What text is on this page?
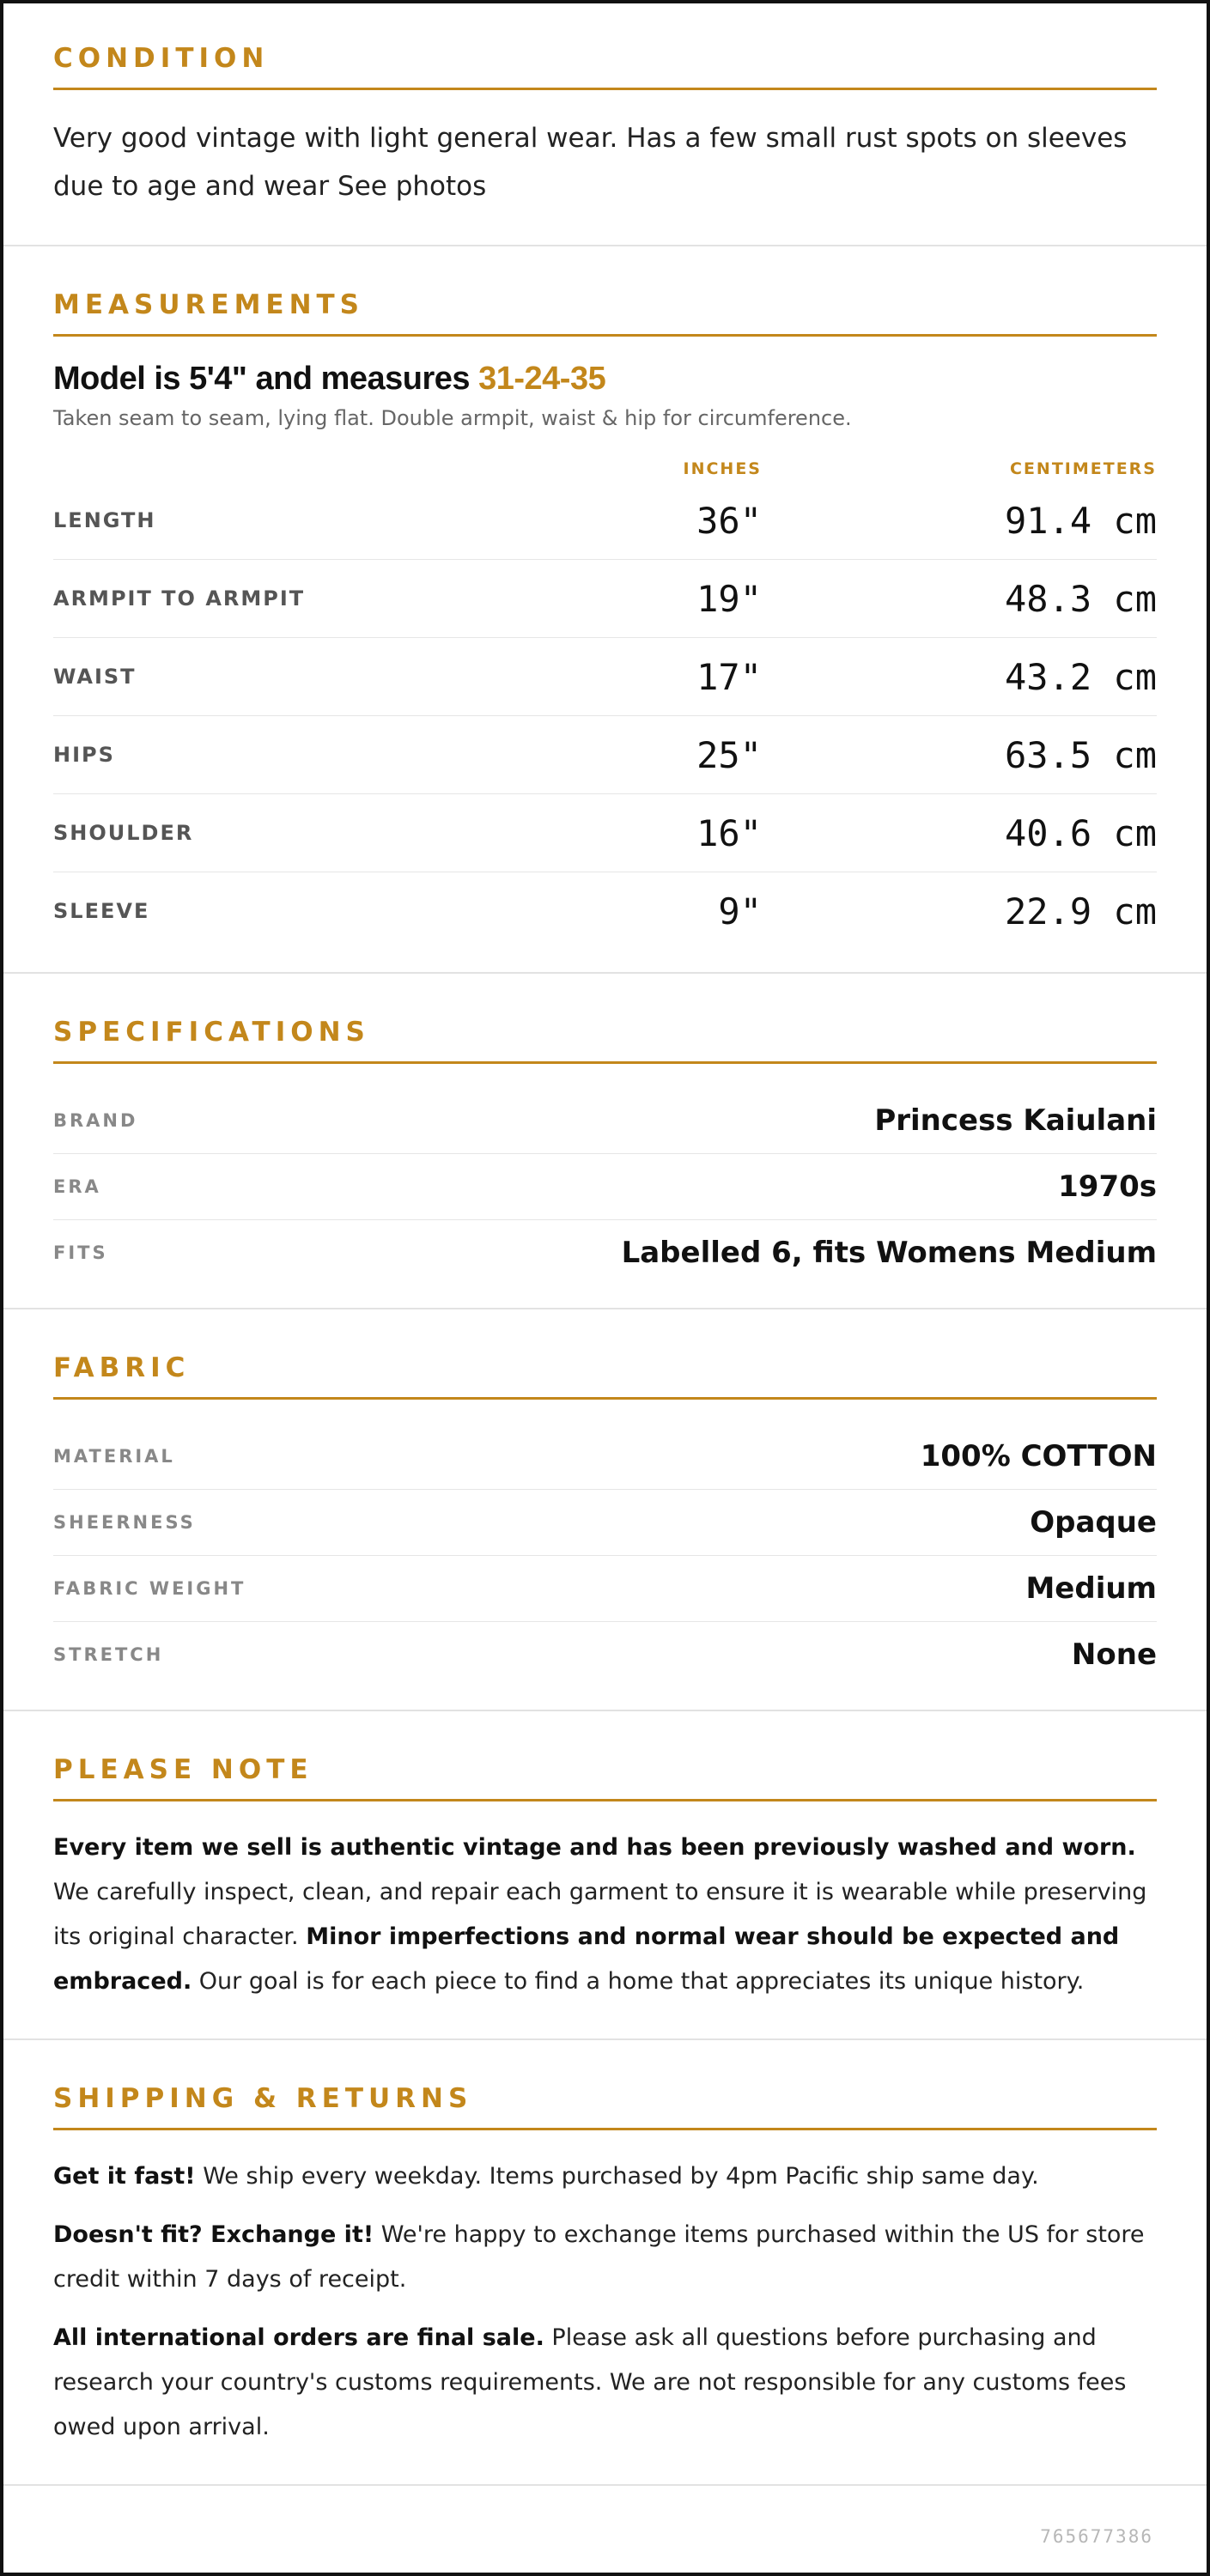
CONDITION

Very good vintage with light general wear. Has a few small rust spots on sleeves due to age and wear See photos

MEASUREMENTS
Model is 5'4" and measures 31-24-35

Taken seam to seam, lying flat. Double armpit, waist & hip for circumference.

INCHES	CENTIMETERS
LENGTH	36"	91.4 cm
ARMPIT TO ARMPIT	19"	48.3 cm
WAIST	17"	43.2 cm
HIPS	25"	63.5 cm
SHOULDER	16"	40.6 cm
SLEEVE	9"	22.9 cm
SPECIFICATIONS
BRAND	Princess Kaiulani
ERA	1970s
FITS	Labelled 6, fits Womens Medium
FABRIC
MATERIAL	100% COTTON
SHEERNESS	Opaque
FABRIC WEIGHT	Medium
STRETCH	None
PLEASE NOTE

Every item we sell is authentic vintage and has been previously washed and worn. We carefully inspect, clean, and repair each garment to ensure it is wearable while preserving its original character. Minor imperfections and normal wear should be expected and embraced. Our goal is for each piece to find a home that appreciates its unique history.

SHIPPING & RETURNS

Get it fast! We ship every weekday. Items purchased by 4pm Pacific ship same day.

Doesn't fit? Exchange it! We're happy to exchange items purchased within the US for store credit within 7 days of receipt.

All international orders are final sale. Please ask all questions before purchasing and research your country's customs requirements. We are not responsible for any customs fees owed upon arrival.

765677386
